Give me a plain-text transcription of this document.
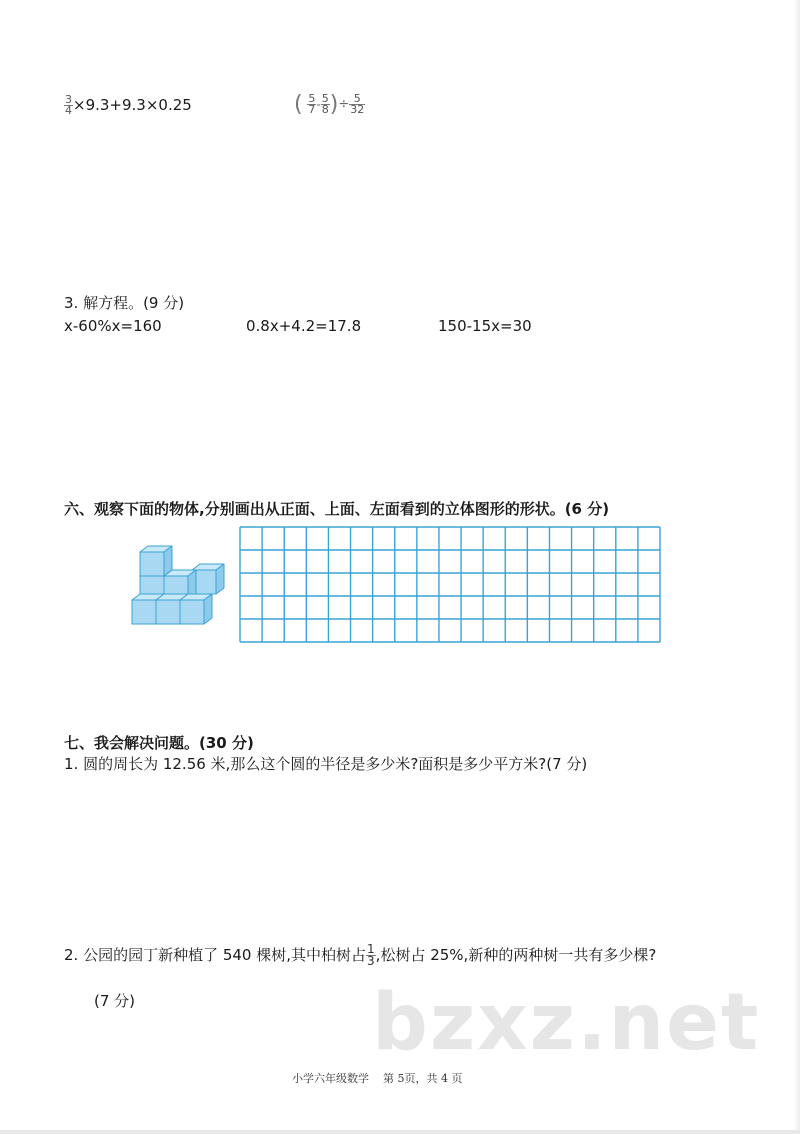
$\frac{3}{4} \times 9.3+9.3\times 0.25$	( $\frac{5}{7} - \frac{5}{8}$ )÷ $\frac{5}{32}$
3. 解方程。(9 分)
x-60%x=160	0.8x+4.2=17.8	150-15x=30
六、观察下面的物体,分别画出从正面、上面、左面看到的立体图形的形状。(6 分)
七、我会解决问题。(30 分)
1. 圆的周长为 12.56 米,那么这个圆的半径是多少米?面积是多少平方米?(7 分)
2. 公园的园丁新种植了 540 棵树,其中柏树占 $\frac{1}{3}$ ,松树占 25%,新种的两种树一共有多少棵?
(7 分)	bzxz.net
小学六年级数学    第 5页，共 4 页
